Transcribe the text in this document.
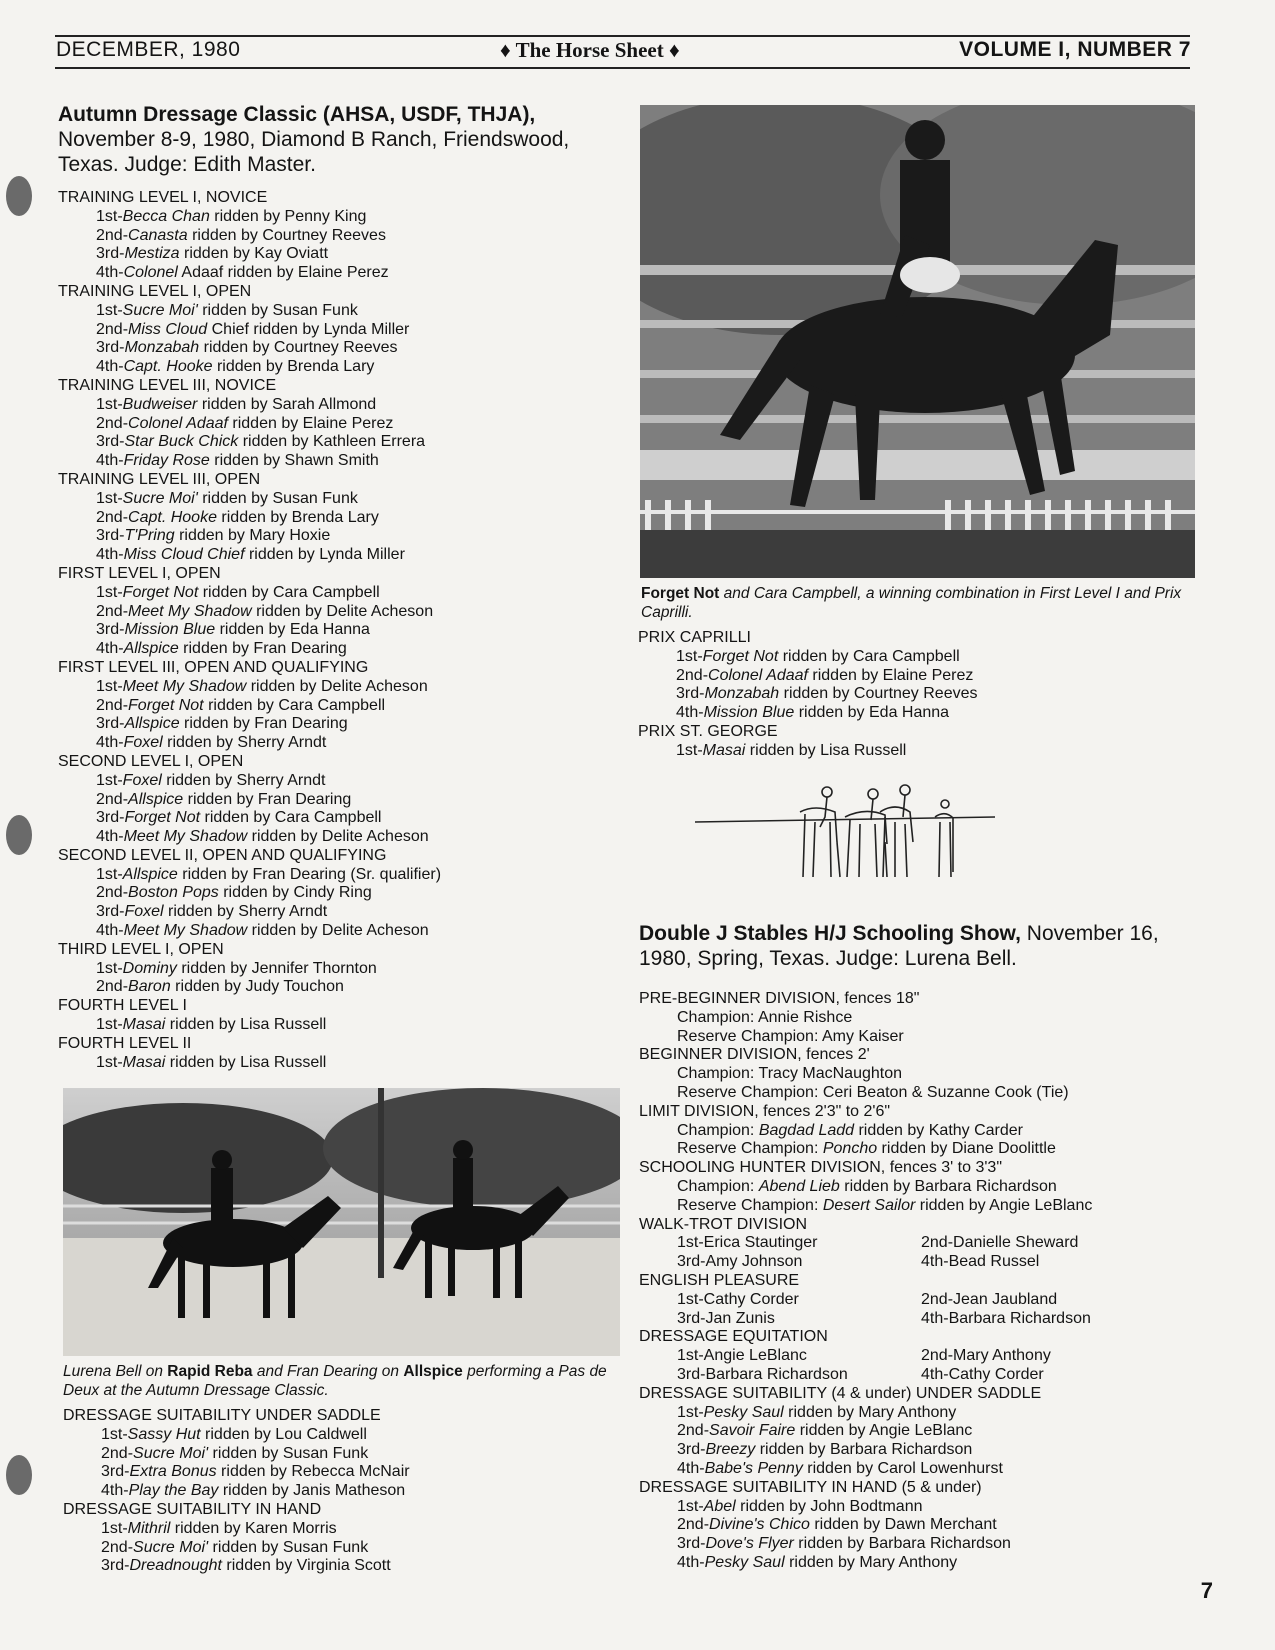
DECEMBER, 1980	♦ The Horse Sheet ♦	VOLUME I, NUMBER 7
Autumn Dressage Classic (AHSA, USDF, THJA), November 8-9, 1980, Diamond B Ranch, Friendswood, Texas. Judge: Edith Master.
TRAINING LEVEL I, NOVICE
1st-Becca Chan ridden by Penny King
2nd-Canasta ridden by Courtney Reeves
3rd-Mestiza ridden by Kay Oviatt
4th-Colonel Adaaf ridden by Elaine Perez
TRAINING LEVEL I, OPEN
1st-Sucre Moi' ridden by Susan Funk
2nd-Miss Cloud Chief ridden by Lynda Miller
3rd-Monzabah ridden by Courtney Reeves
4th-Capt. Hooke ridden by Brenda Lary
TRAINING LEVEL III, NOVICE
1st-Budweiser ridden by Sarah Allmond
2nd-Colonel Adaaf ridden by Elaine Perez
3rd-Star Buck Chick ridden by Kathleen Errera
4th-Friday Rose ridden by Shawn Smith
TRAINING LEVEL III, OPEN
1st-Sucre Moi' ridden by Susan Funk
2nd-Capt. Hooke ridden by Brenda Lary
3rd-T'Pring ridden by Mary Hoxie
4th-Miss Cloud Chief ridden by Lynda Miller
FIRST LEVEL I, OPEN
1st-Forget Not ridden by Cara Campbell
2nd-Meet My Shadow ridden by Delite Acheson
3rd-Mission Blue ridden by Eda Hanna
4th-Allspice ridden by Fran Dearing
FIRST LEVEL III, OPEN AND QUALIFYING
1st-Meet My Shadow ridden by Delite Acheson
2nd-Forget Not ridden by Cara Campbell
3rd-Allspice ridden by Fran Dearing
4th-Foxel ridden by Sherry Arndt
SECOND LEVEL I, OPEN
1st-Foxel ridden by Sherry Arndt
2nd-Allspice ridden by Fran Dearing
3rd-Forget Not ridden by Cara Campbell
4th-Meet My Shadow ridden by Delite Acheson
SECOND LEVEL II, OPEN AND QUALIFYING
1st-Allspice ridden by Fran Dearing (Sr. qualifier)
2nd-Boston Pops ridden by Cindy Ring
3rd-Foxel ridden by Sherry Arndt
4th-Meet My Shadow ridden by Delite Acheson
THIRD LEVEL I, OPEN
1st-Dominy ridden by Jennifer Thornton
2nd-Baron ridden by Judy Touchon
FOURTH LEVEL I
1st-Masai ridden by Lisa Russell
FOURTH LEVEL II
1st-Masai ridden by Lisa Russell
Lurena Bell on Rapid Reba and Fran Dearing on Allspice performing a Pas de Deux at the Autumn Dressage Classic.
DRESSAGE SUITABILITY UNDER SADDLE
1st-Sassy Hut ridden by Lou Caldwell
2nd-Sucre Moi' ridden by Susan Funk
3rd-Extra Bonus ridden by Rebecca McNair
4th-Play the Bay ridden by Janis Matheson
DRESSAGE SUITABILITY IN HAND
1st-Mithril ridden by Karen Morris
2nd-Sucre Moi' ridden by Susan Funk
3rd-Dreadnought ridden by Virginia Scott
Forget Not and Cara Campbell, a winning combination in First Level I and Prix Caprilli.
PRIX CAPRILLI
1st-Forget Not ridden by Cara Campbell
2nd-Colonel Adaaf ridden by Elaine Perez
3rd-Monzabah ridden by Courtney Reeves
4th-Mission Blue ridden by Eda Hanna
PRIX ST. GEORGE
1st-Masai ridden by Lisa Russell
Double J Stables H/J Schooling Show, November 16, 1980, Spring, Texas. Judge: Lurena Bell.
PRE-BEGINNER DIVISION, fences 18"
Champion: Annie Rishce
Reserve Champion: Amy Kaiser
BEGINNER DIVISION, fences 2'
Champion: Tracy MacNaughton
Reserve Champion: Ceri Beaton & Suzanne Cook (Tie)
LIMIT DIVISION, fences 2'3" to 2'6"
Champion: Bagdad Ladd ridden by Kathy Carder
Reserve Champion: Poncho ridden by Diane Doolittle
SCHOOLING HUNTER DIVISION, fences 3' to 3'3"
Champion: Abend Lieb ridden by Barbara Richardson
Reserve Champion: Desert Sailor ridden by Angie LeBlanc
WALK-TROT DIVISION
1st-Erica Stautinger	2nd-Danielle Sheward
3rd-Amy Johnson	4th-Bead Russel
ENGLISH PLEASURE
1st-Cathy Corder	2nd-Jean Jaubland
3rd-Jan Zunis	4th-Barbara Richardson
DRESSAGE EQUITATION
1st-Angie LeBlanc	2nd-Mary Anthony
3rd-Barbara Richardson	4th-Cathy Corder
DRESSAGE SUITABILITY (4 & under) UNDER SADDLE
1st-Pesky Saul ridden by Mary Anthony
2nd-Savoir Faire ridden by Angie LeBlanc
3rd-Breezy ridden by Barbara Richardson
4th-Babe's Penny ridden by Carol Lowenhurst
DRESSAGE SUITABILITY IN HAND (5 & under)
1st-Abel ridden by John Bodtmann
2nd-Divine's Chico ridden by Dawn Merchant
3rd-Dove's Flyer ridden by Barbara Richardson
4th-Pesky Saul ridden by Mary Anthony
7
